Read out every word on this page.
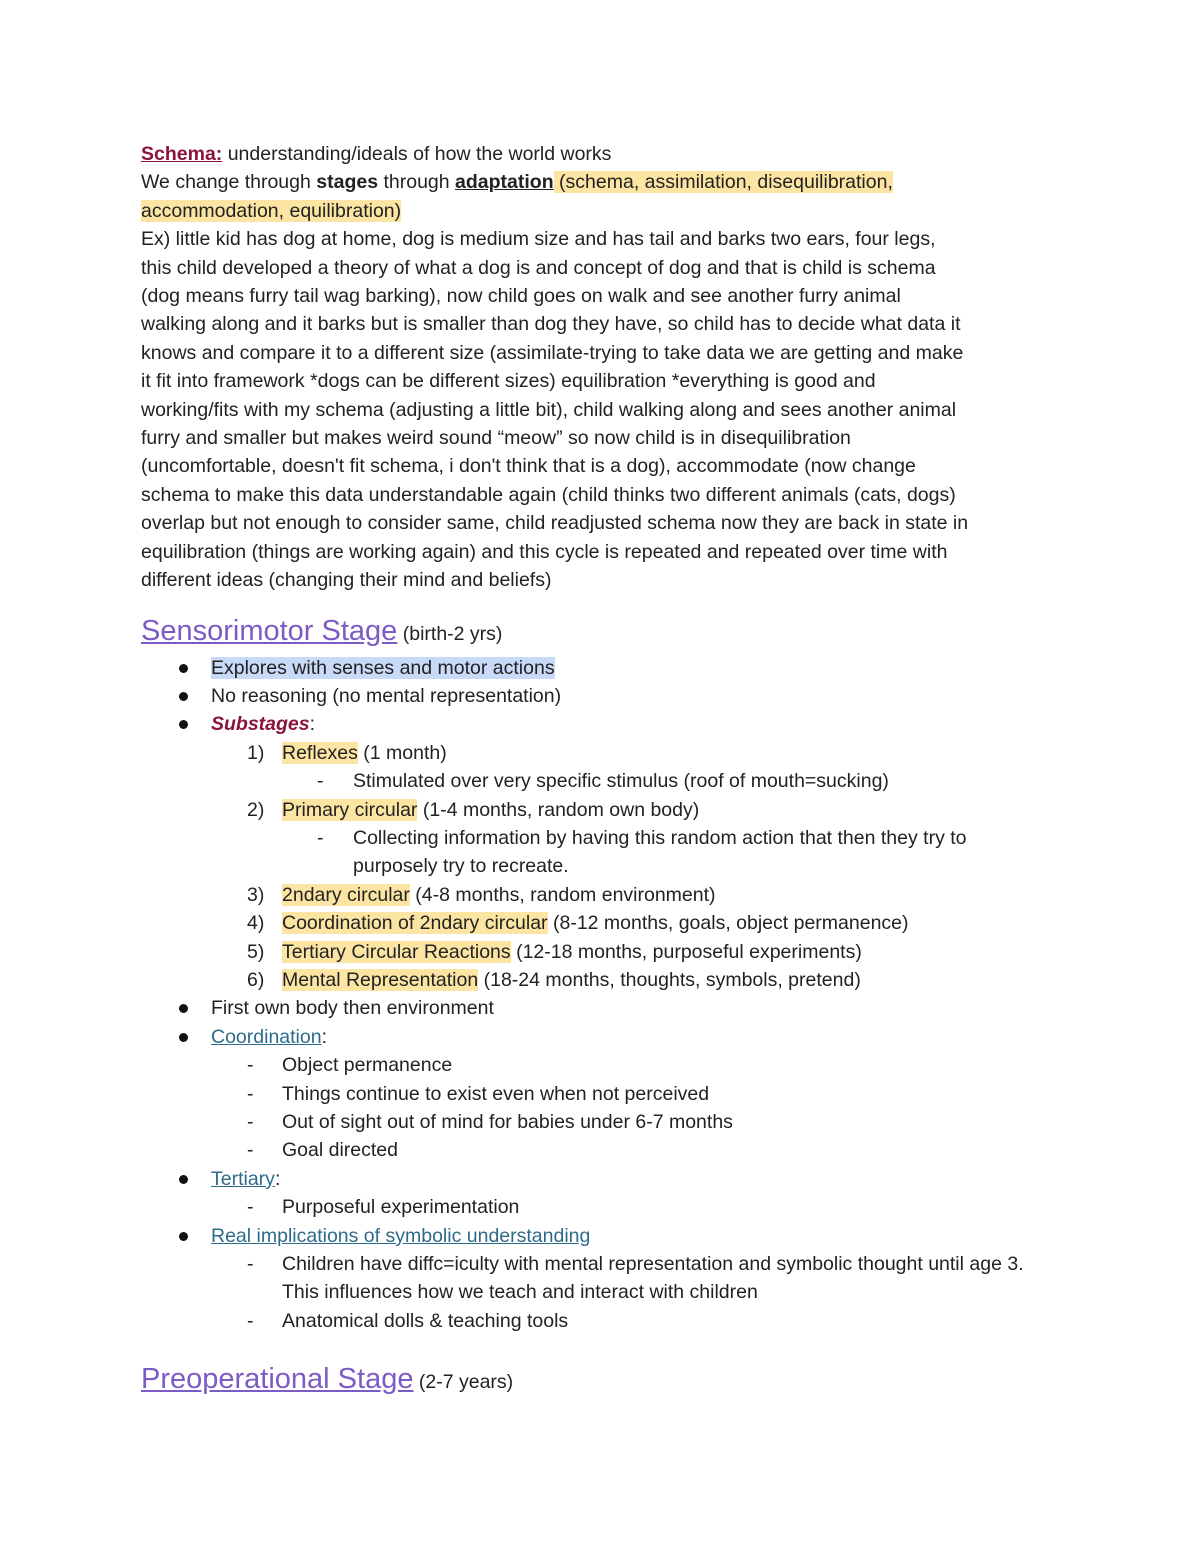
Schema: understanding/ideals of how the world works
We change through stages through adaptation (schema, assimilation, disequilibration,
accommodation, equilibration)
Ex) little kid has dog at home, dog is medium size and has tail and barks two ears, four legs,
this child developed a theory of what a dog is and concept of dog and that is child is schema
(dog means furry tail wag barking), now child goes on walk and see another furry animal
walking along and it barks but is smaller than dog they have, so child has to decide what data it
knows and compare it to a different size (assimilate-trying to take data we are getting and make
it fit into framework *dogs can be different sizes) equilibration *everything is good and
working/fits with my schema (adjusting a little bit), child walking along and sees another animal
furry and smaller but makes weird sound “meow” so now child is in disequilibration
(uncomfortable, doesn't fit schema, i don't think that is a dog), accommodate (now change
schema to make this data understandable again (child thinks two different animals (cats, dogs)
overlap but not enough to consider same, child readjusted schema now they are back in state in
equilibration (things are working again) and this cycle is repeated and repeated over time with
different ideas (changing their mind and beliefs)
Sensorimotor Stage (birth-2 yrs)
Explores with senses and motor actions
No reasoning (no mental representation)
Substages:
1) Reflexes (1 month)
- Stimulated over very specific stimulus (roof of mouth=sucking)
2) Primary circular (1-4 months, random own body)
- Collecting information by having this random action that then they try to purposely try to recreate.
3) 2ndary circular (4-8 months, random environment)
4) Coordination of 2ndary circular (8-12 months, goals, object permanence)
5) Tertiary Circular Reactions (12-18 months, purposeful experiments)
6) Mental Representation (18-24 months, thoughts, symbols, pretend)
First own body then environment
Coordination:
- Object permanence
- Things continue to exist even when not perceived
- Out of sight out of mind for babies under 6-7 months
- Goal directed
Tertiary:
- Purposeful experimentation
Real implications of symbolic understanding
- Children have diffc=iculty with mental representation and symbolic thought until age 3. This influences how we teach and interact with children
- Anatomical dolls & teaching tools
Preoperational Stage (2-7 years)
